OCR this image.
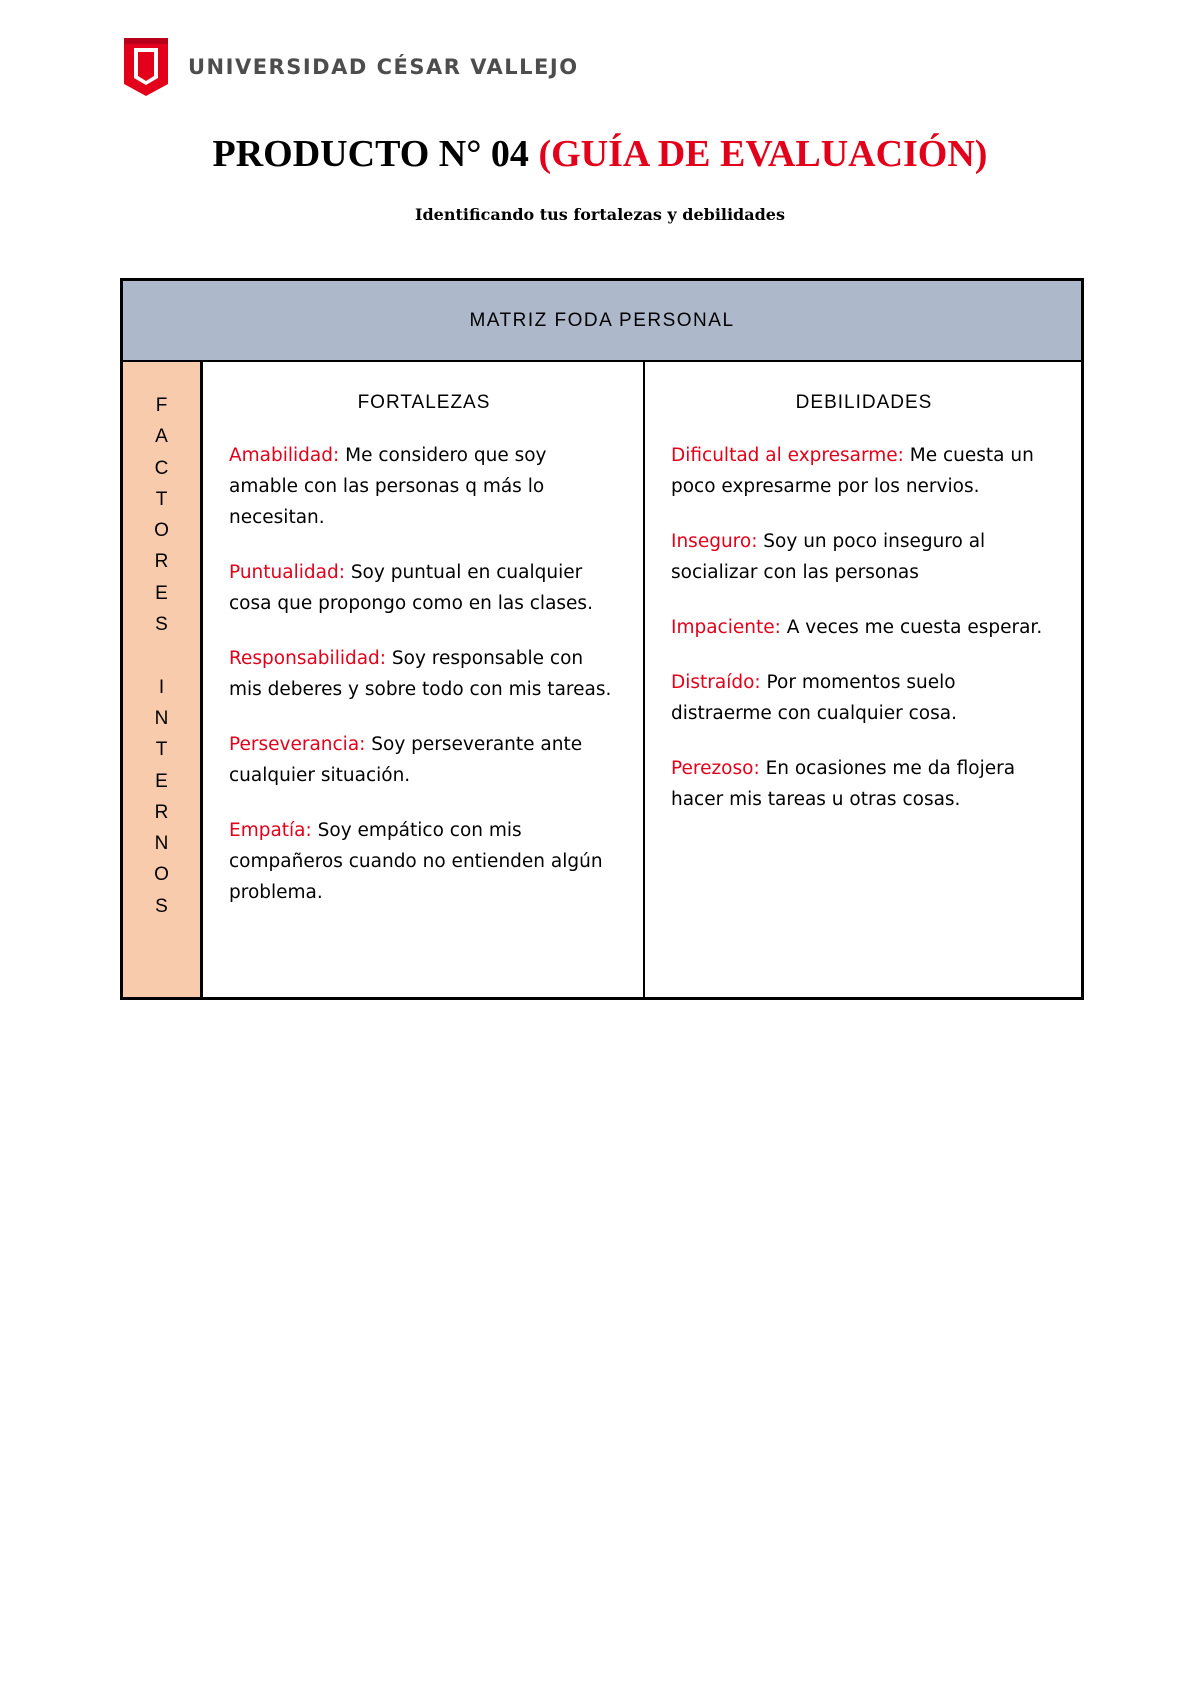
UNIVERSIDAD CÉSAR VALLEJO
PRODUCTO N° 04 (GUÍA DE EVALUACIÓN)
Identificando tus fortalezas y debilidades
MATRIZ FODA PERSONAL
F
A
C
T
O
R
E
S

I
N
T
E
R
N
O
S
FORTALEZAS
Amabilidad: Me considero que soy amable con las personas q más lo necesitan.
Puntualidad: Soy puntual en cualquier cosa que propongo como en las clases.
Responsabilidad: Soy responsable con mis deberes y sobre todo con mis tareas.
Perseverancia: Soy perseverante ante cualquier situación.
Empatía: Soy empático con mis compañeros cuando no entienden algún problema.
DEBILIDADES
Dificultad al expresarme: Me cuesta un poco expresarme por los nervios.
Inseguro: Soy un poco inseguro al socializar con las personas
Impaciente: A veces me cuesta esperar.
Distraído: Por momentos suelo distraerme con cualquier cosa.
Perezoso: En ocasiones me da flojera hacer mis tareas u otras cosas.
